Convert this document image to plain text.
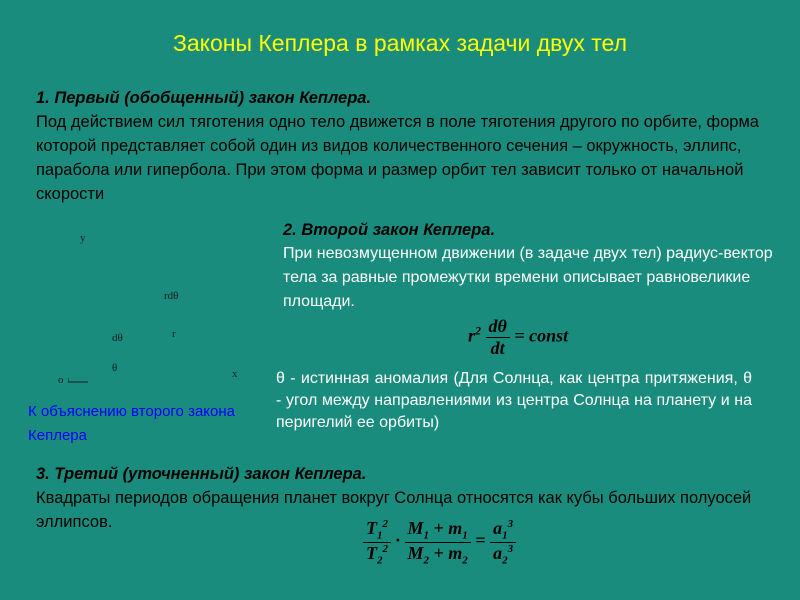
Законы Кеплера в рамках задачи двух тел
1. Первый (обобщенный) закон Кеплера.
Под действием сил тяготения одно тело движется в поле тяготения другого по орбите, форма которой представляет собой один из видов количественного сечения – окружность, эллипс, парабола или гипербола. При этом форма и размер орбит тел зависит только от начальной скорости
y
rdθ
dθ	r
θ
o	x
2. Второй закон Кеплера.
При невозмущенном движении (в задаче двух тел) радиус-вектор тела за равные промежутки времени описывает равновеликие площади.
$r^2 \frac{d\theta}{dt}$ = const
θ - истинная аномалия (Для Солнца, как центра притяжения, θ - угол между направлениями из центра Солнца на планету и на перигелий ее орбиты)
К объяснению второго закона Кеплера
3. Третий (уточненный) закон Кеплера.
Квадраты периодов обращения планет вокруг Солнца относятся как кубы больших полуосей эллипсов.	$\frac{T_1^2}{T_2^2} \cdot \frac{M_1 + m_1}{M_2 + m_2} = \frac{a_1^3}{a_2^3}$
